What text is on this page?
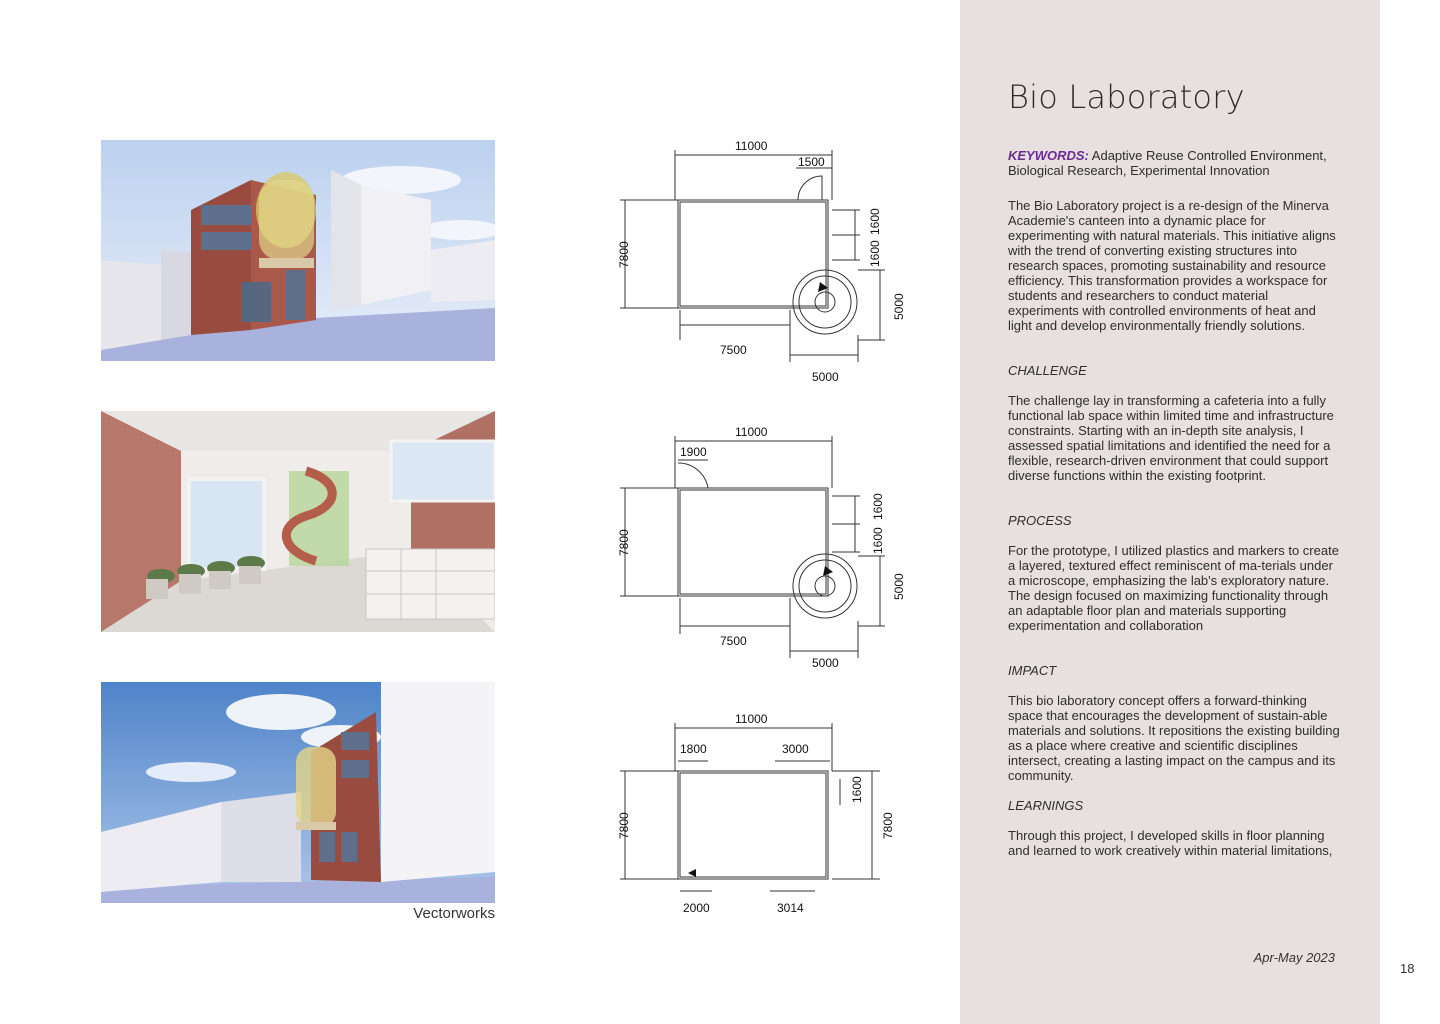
Vectorworks
11000
1500
7800
1600
1600
5000
7500
5000
11000
1900
7800
1600
1600
5000
7500
5000
11000
1800	3000
7800
1600
7800
2000	3014
Bio Laboratory
KEYWORDS: Adaptive Reuse Controlled Environment, Biological Research, Experimental Innovation
The Bio Laboratory project is a re-design of the Minerva Academie's canteen into a dynamic place for experimenting with natural materials. This initiative aligns with the trend of converting existing structures into research spaces, promoting sustainability and resource efficiency. This transformation provides a workspace for students and researchers to conduct material experiments with controlled environments of heat and light and develop environmentally friendly solutions.
CHALLENGE
The challenge lay in transforming a cafeteria into a fully functional lab space within limited time and infrastructure constraints. Starting with an in-depth site analysis, I assessed spatial limitations and identified the need for a flexible, research-driven environment that could support diverse functions within the existing footprint.
PROCESS
For the prototype, I utilized plastics and markers to create a layered, textured effect reminiscent of ma-terials under a microscope, emphasizing the lab's exploratory nature. The design focused on maximizing functionality through an adaptable floor plan and materials supporting experimentation and collaboration
IMPACT
This bio laboratory concept offers a forward-thinking space that encourages the development of sustain-able materials and solutions. It repositions the existing building as a place where creative and scientific disciplines intersect, creating a lasting impact on the campus and its community.
LEARNINGS
Through this project, I developed skills in floor planning and learned to work creatively within material limitations,
Apr-May 2023
18
